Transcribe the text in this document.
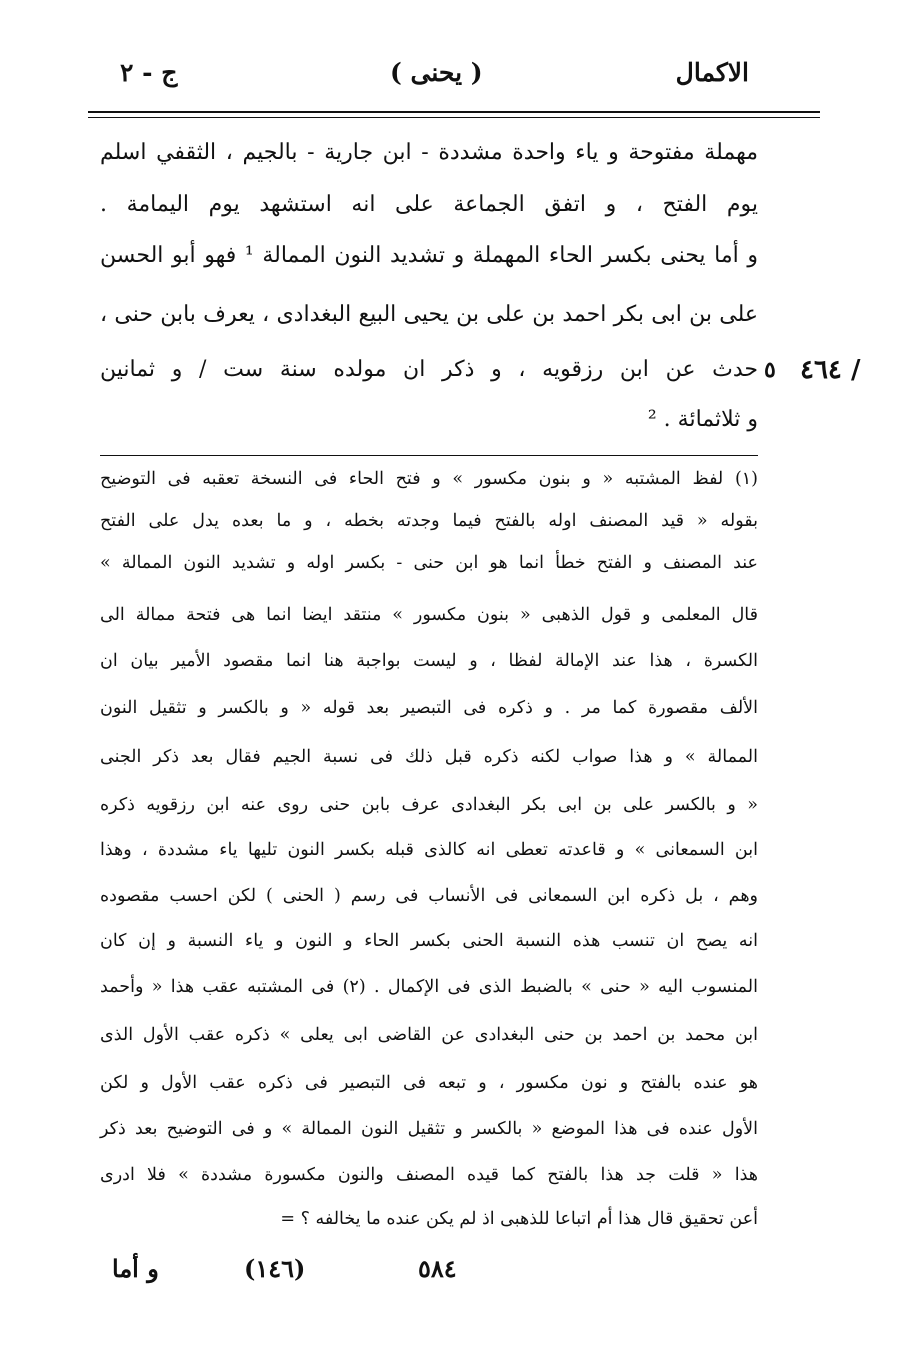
ج - ٢	( يحنى )	الاكمال
مهملة مفتوحة و ياء واحدة مشددة - ابن جارية - بالجيم ، الثقفي اسلم
يوم الفتح ، و اتفق الجماعة على انه استشهد يوم اليمامة .
و أما يحنى بكسر الحاء المهملة و تشديد النون الممالة ¹ فهو أبو الحسن
على بن ابى بكر احمد بن على بن يحيى البيع البغدادى ، يعرف بابن حنى ،
حدث عن ابن رزقويه ، و ذكر ان مولده سنة ست / و ثمانين
و ثلاثمائة . ²
٤٦٤ /
٥
(١) لفظ المشتبه « و بنون مكسور » و فتح الحاء فى النسخة تعقبه فى التوضيح
بقوله « قيد المصنف اوله بالفتح فيما وجدته بخطه ، و ما بعده يدل على الفتح
عند المصنف و الفتح خطأ انما هو ابن حنى - بكسر اوله و تشديد النون الممالة »
قال المعلمى و قول الذهبى « بنون مكسور » منتقد ايضا انما هى فتحة ممالة الى
الكسرة ، هذا عند الإمالة لفظا ، و ليست بواجبة هنا انما مقصود الأمير بيان ان
الألف مقصورة كما مر . و ذكره فى التبصير بعد قوله « و بالكسر و تثقيل النون
الممالة » و هذا صواب لكنه ذكره قبل ذلك فى نسبة الجيم فقال بعد ذكر الجنى
« و بالكسر على بن ابى بكر البغدادى عرف بابن حنى روى عنه ابن رزقويه ذكره
ابن السمعانى » و قاعدته تعطى انه كالذى قبله بكسر النون تليها ياء مشددة ، وهذا
وهم ، بل ذكره ابن السمعانى فى الأنساب فى رسم ( الحنى ) لكن احسب مقصوده
انه يصح ان تنسب هذه النسبة الحنى بكسر الحاء و النون و ياء النسبة و إن كان
المنسوب اليه « حنى » بالضبط الذى فى الإكمال . (٢) فى المشتبه عقب هذا « وأحمد
ابن محمد بن احمد بن حنى البغدادى عن القاضى ابى يعلى » ذكره عقب الأول الذى
هو عنده بالفتح و نون مكسور ، و تبعه فى التبصير فى ذكره عقب الأول و لكن
الأول عنده فى هذا الموضع « بالكسر و تثقيل النون الممالة » و فى التوضيح بعد ذكر
هذا « قلت جد هذا بالفتح كما قيده المصنف والنون مكسورة مشددة » فلا ادرى
أعن تحقيق قال هذا أم اتباعا للذهبى اذ لم يكن عنده ما يخالفه ؟ =
و أما	(١٤٦)	٥٨٤
